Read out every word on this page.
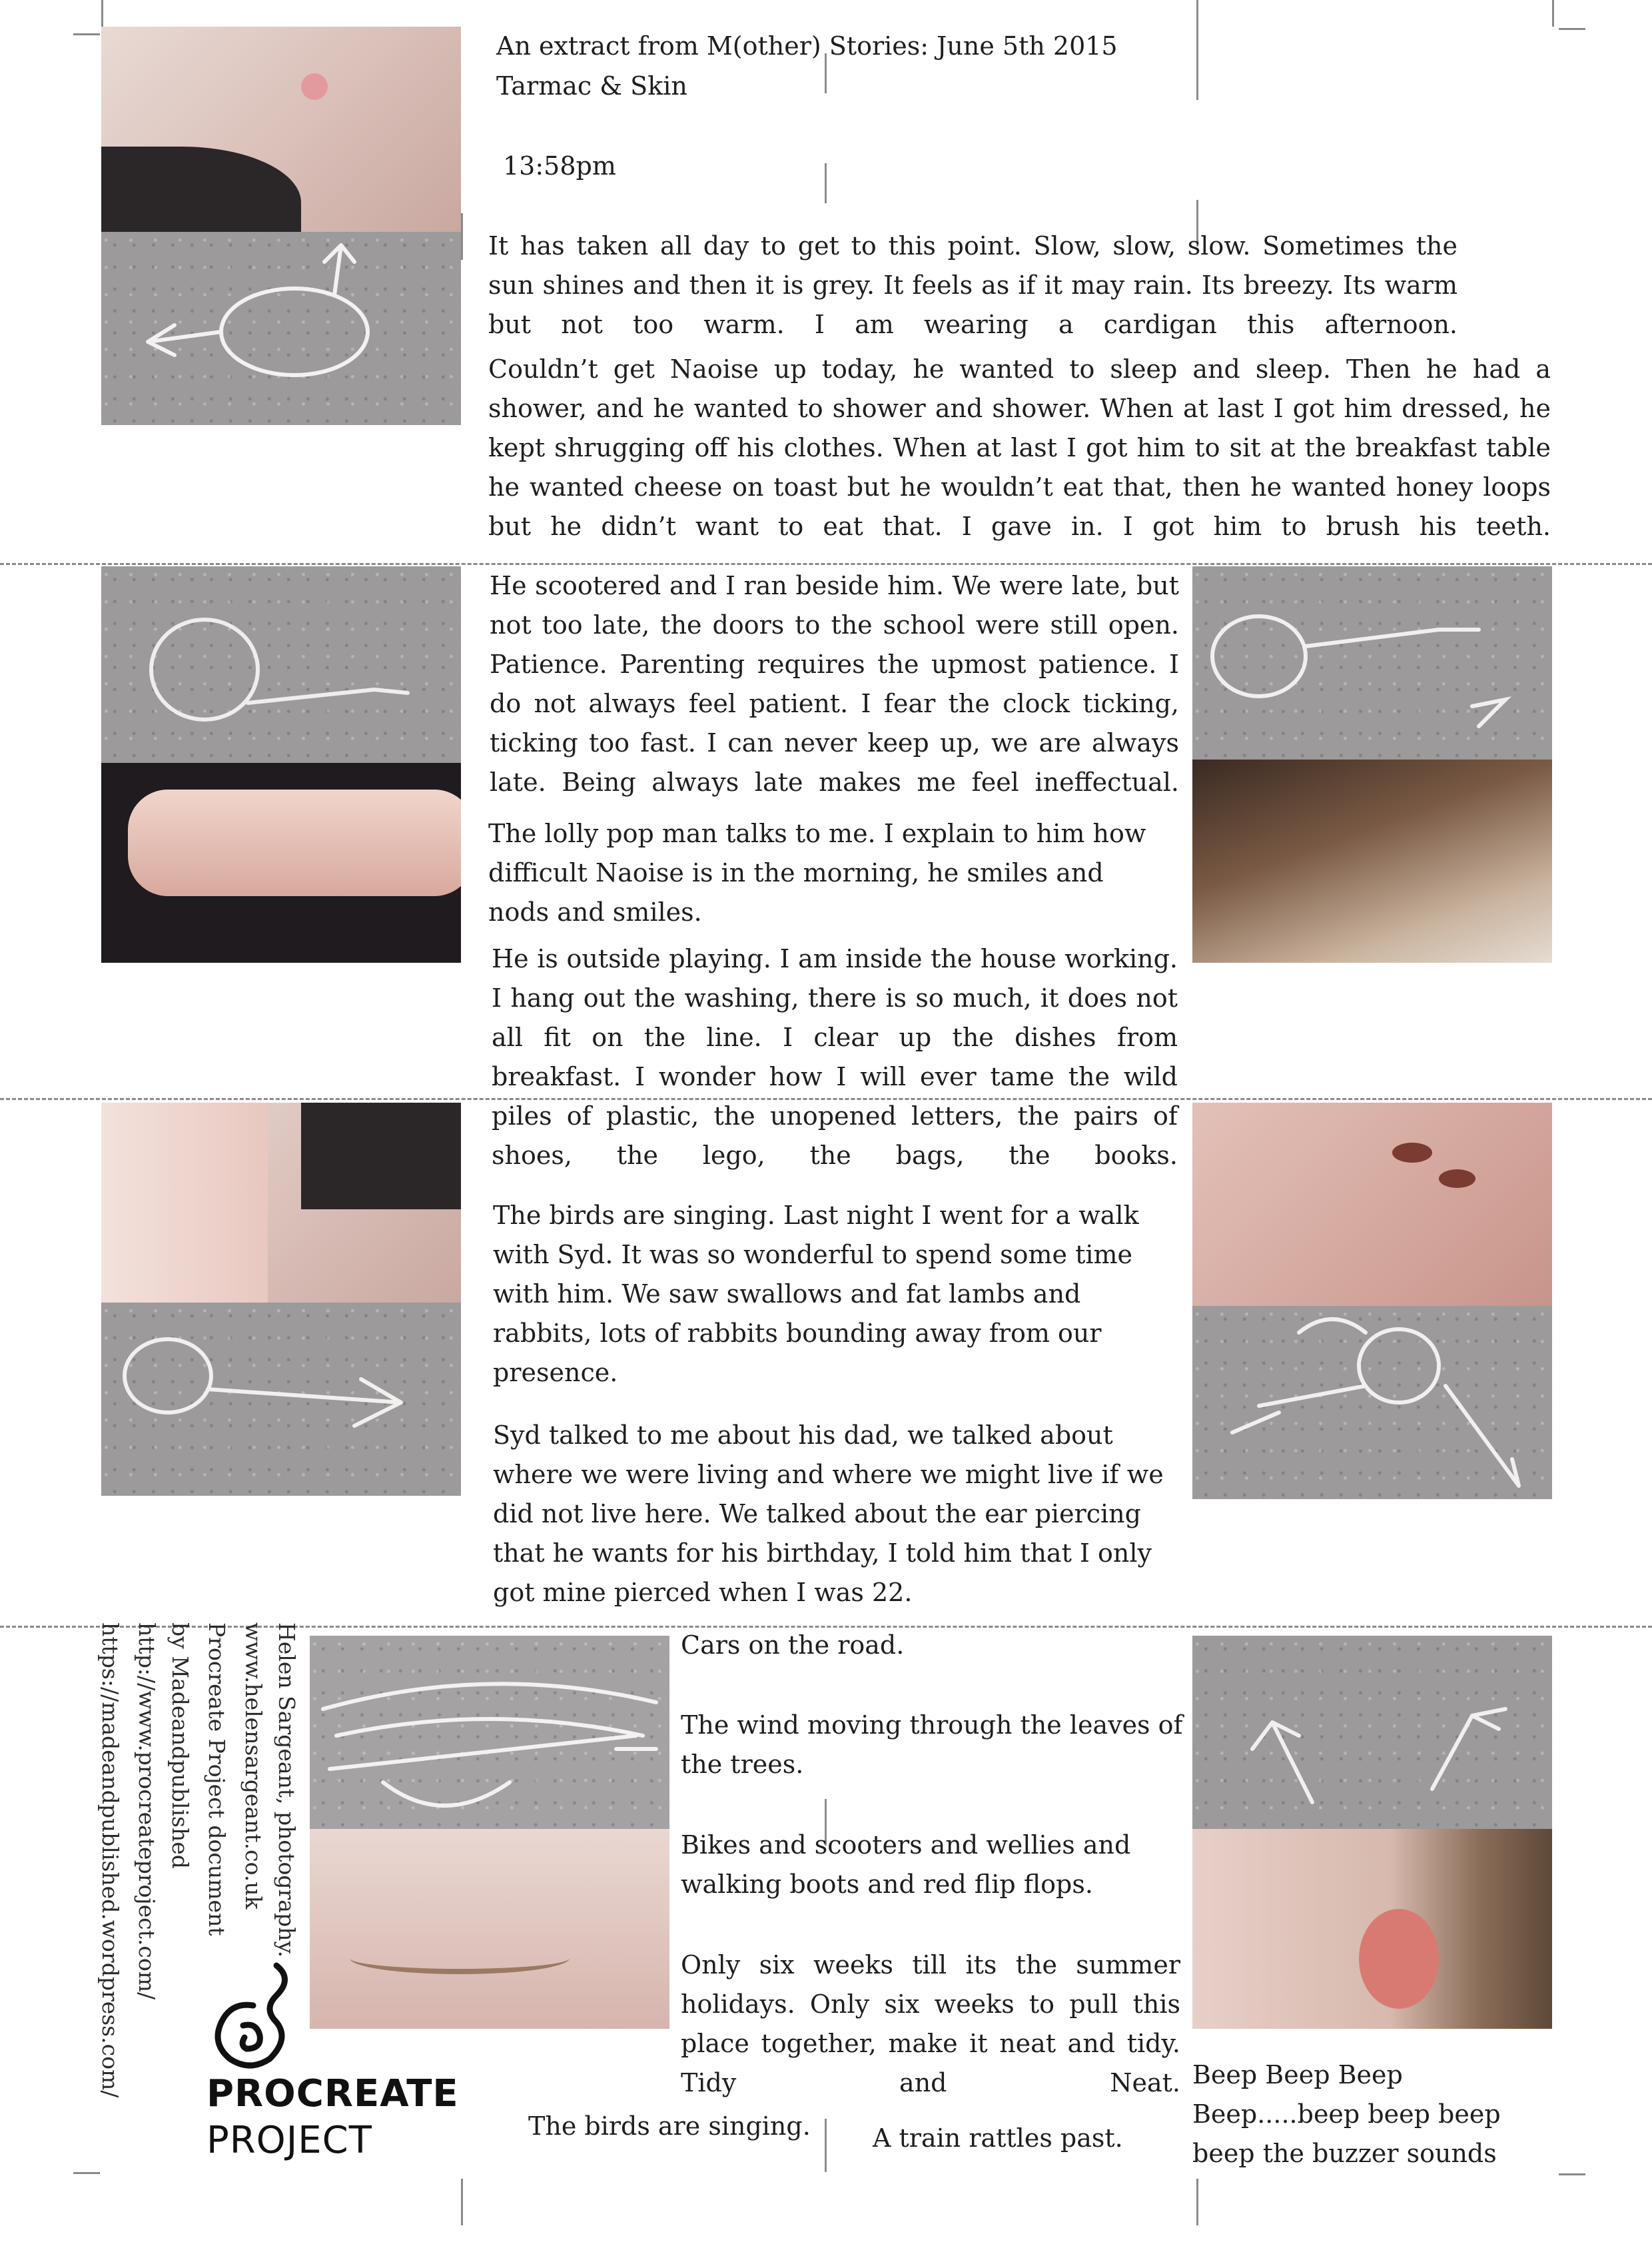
An extract from M(other) Stories: June 5th 2015
Tarmac & Skin
13:58pm
It has taken all day to get to this point. Slow, slow, slow. Sometimes the sun shines and then it is grey. It feels as if it may rain. Its breezy. Its warm but not too warm. I am wearing a cardigan this afternoon.
Couldn’t get Naoise up today, he wanted to sleep and sleep. Then he had a shower, and he wanted to shower and shower. When at last I got him dressed, he kept shrugging off his clothes. When at last I got him to sit at the breakfast table he wanted cheese on toast but he wouldn’t eat that, then he wanted honey loops but he didn’t want to eat that. I gave in. I got him to brush his teeth.
He scootered and I ran beside him. We were late, but not too late, the doors to the school were still open. Patience. Parenting requires the upmost patience. I do not always feel patient. I fear the clock ticking, ticking too fast. I can never keep up, we are always late. Being always late makes me feel ineffectual.
The lolly pop man talks to me. I explain to him how difficult Naoise is in the morning, he smiles and nods and smiles.
He is outside playing. I am inside the house working. I hang out the washing, there is so much, it does not all fit on the line. I clear up the dishes from breakfast. I wonder how I will ever tame the wild piles of plastic, the unopened letters, the pairs of shoes, the lego, the bags, the books.
The birds are singing. Last night I went for a walk with Syd. It was so wonderful to spend some time with him. We saw swallows and fat lambs and rabbits, lots of rabbits bounding away from our presence.
Syd talked to me about his dad, we talked about where we were living and where we might live if we did not live here. We talked about the ear piercing that he wants for his birthday, I told him that I only got mine pierced when I was 22.
Cars on the road.
The wind moving through the leaves of the trees.
Bikes and scooters and wellies and walking boots and red flip flops.
Only six weeks till its the summer holidays. Only six weeks to pull this place together, make it neat and tidy. Tidy and Neat.
The birds are singing. A train rattles past.
Beep Beep Beep Beep.....beep beep beep beep the buzzer sounds
Helen Sargeant, photography.
www.helensargeant.co.uk
Procreate Project document
by Madeandpublished
http://www.procreateproject.com/
https://madeandpublished.wordpress.com/ PROCREATE
PROJECT
